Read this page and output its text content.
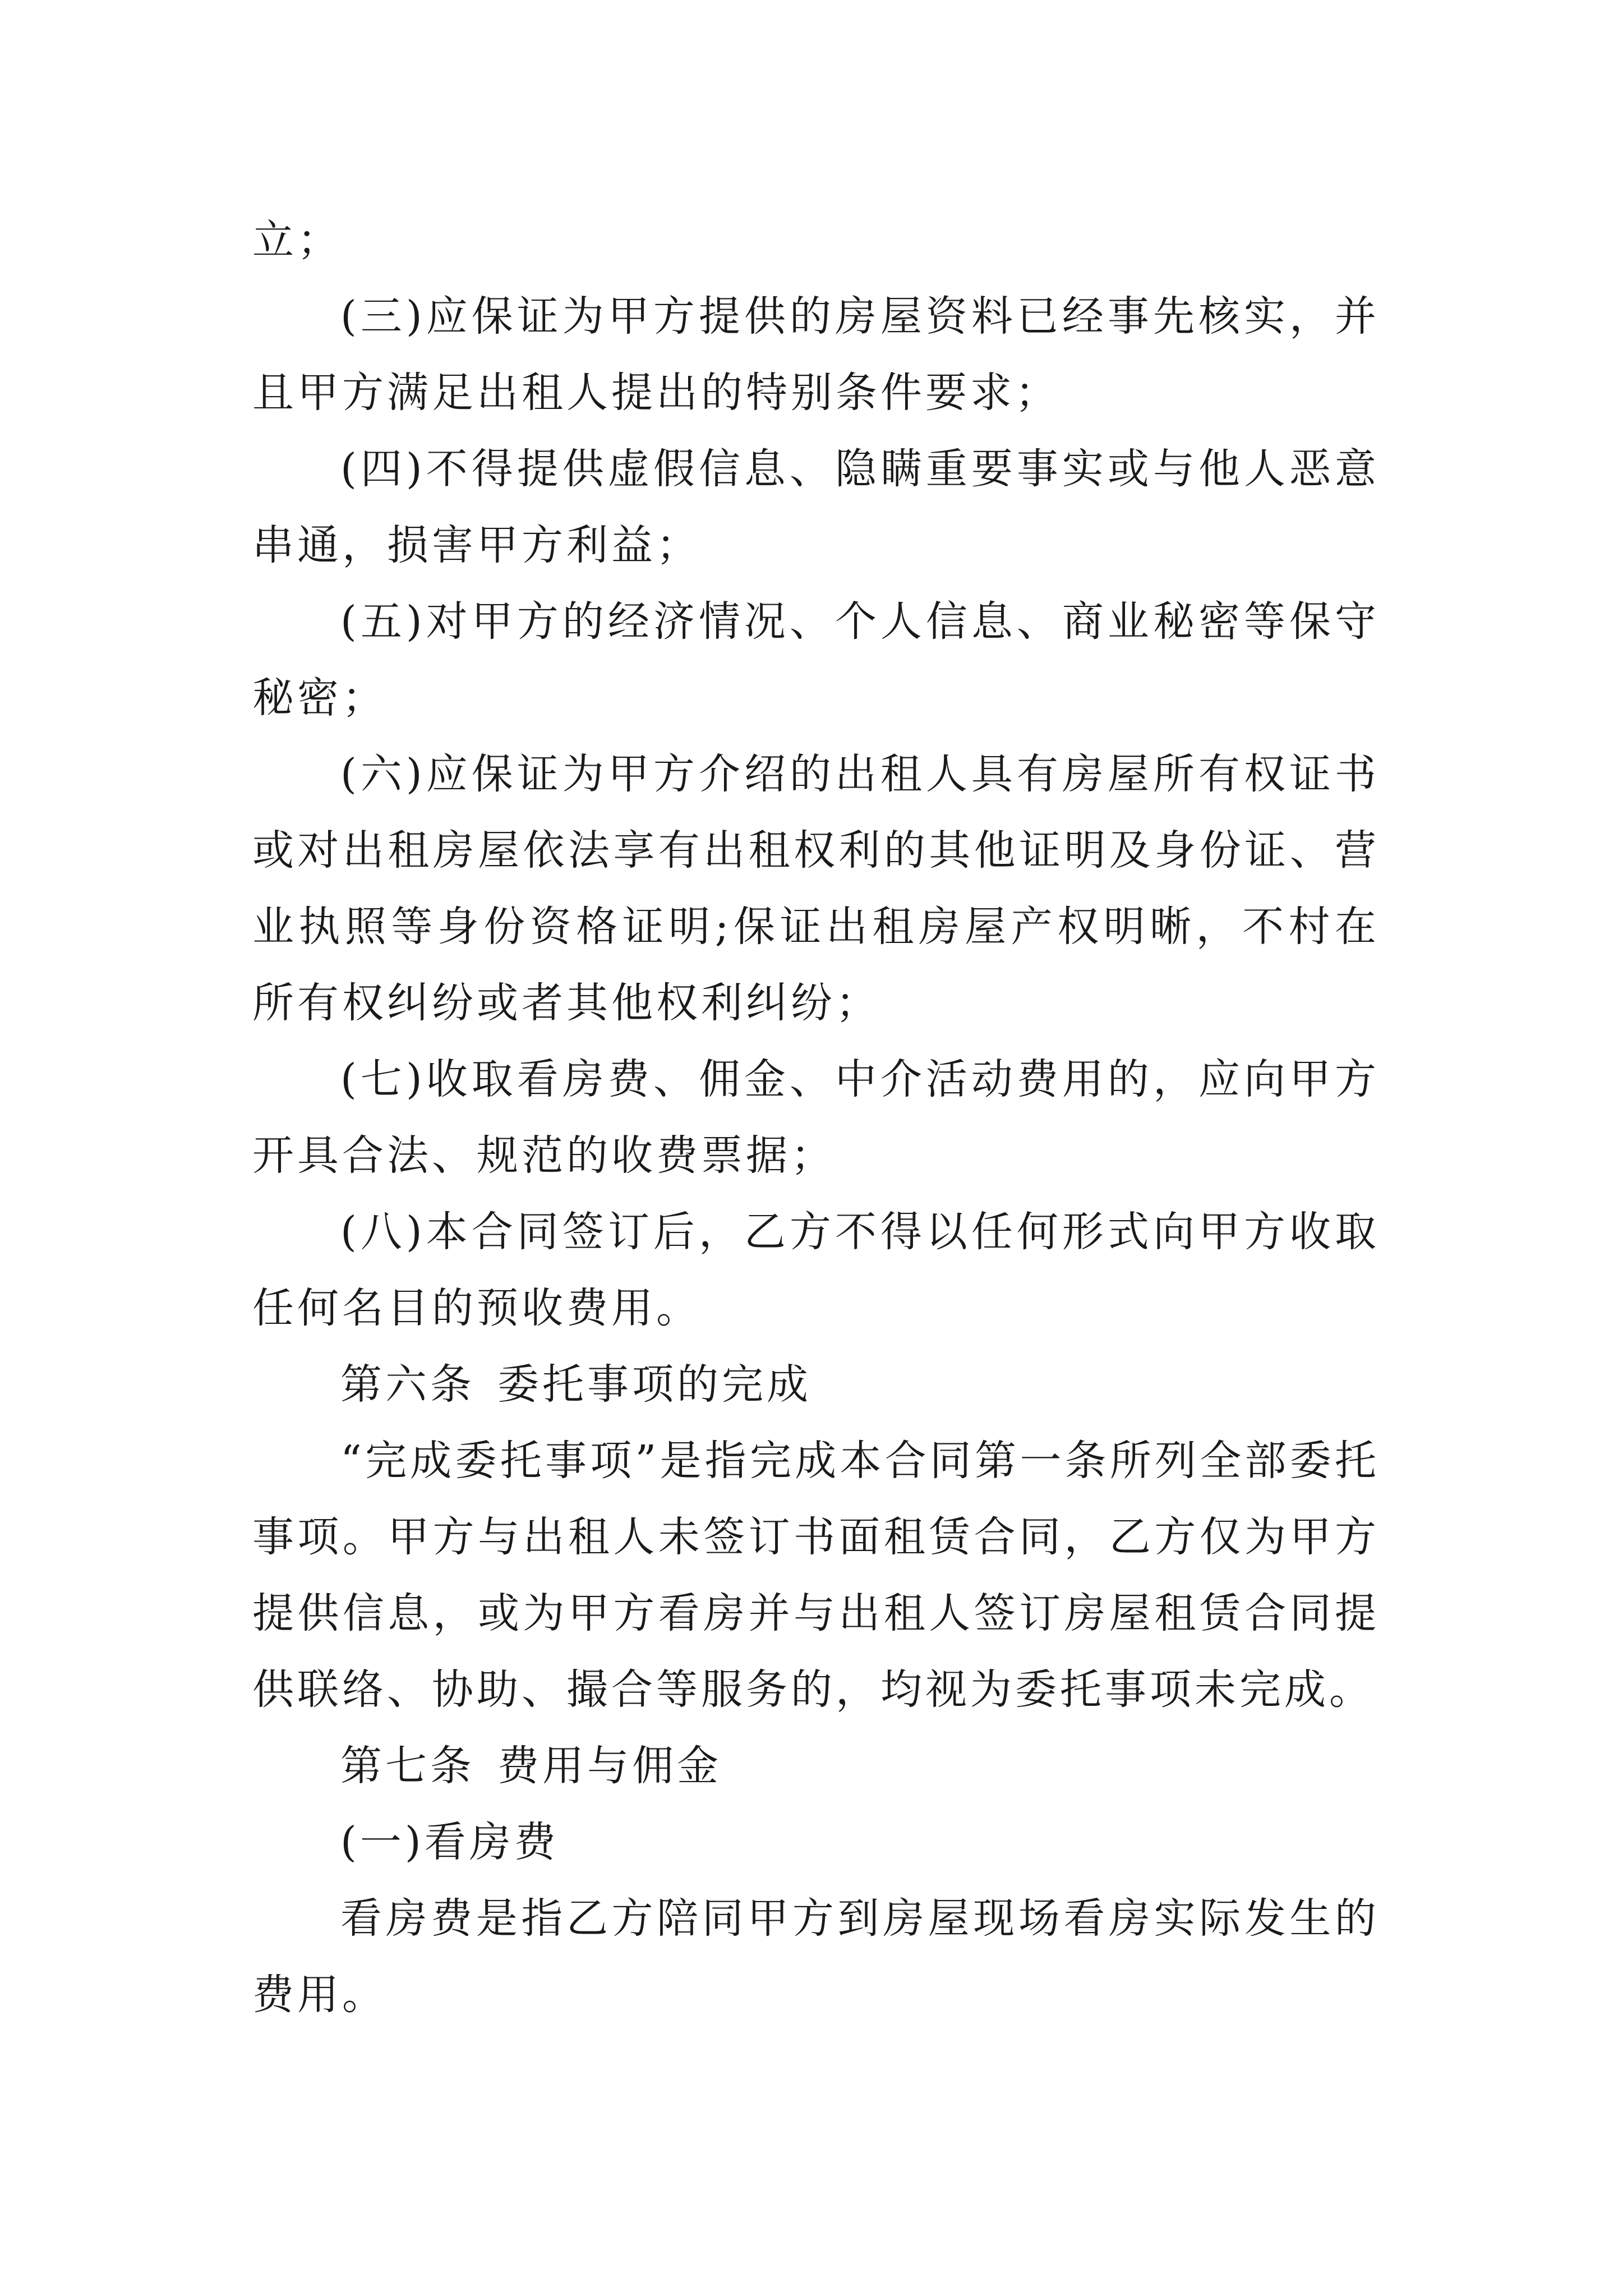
立；

(三)应保证为甲方提供的房屋资料已经事先核实，并且甲方满足出租人提出的特别条件要求；

(四)不得提供虚假信息、隐瞒重要事实或与他人恶意串通，损害甲方利益；

(五)对甲方的经济情况、个人信息、商业秘密等保守秘密；

(六)应保证为甲方介绍的出租人具有房屋所有权证书或对出租房屋依法享有出租权利的其他证明及身份证、营业执照等身份资格证明;保证出租房屋产权明晰，不村在所有权纠纷或者其他权利纠纷；

(七)收取看房费、佣金、中介活动费用的，应向甲方开具合法、规范的收费票据；

(八)本合同签订后，乙方不得以任何形式向甲方收取任何名目的预收费用。

第六条 委托事项的完成

“完成委托事项”是指完成本合同第一条所列全部委托事项。甲方与出租人未签订书面租赁合同，乙方仅为甲方提供信息，或为甲方看房并与出租人签订房屋租赁合同提供联络、协助、撮合等服务的，均视为委托事项未完成。

第七条 费用与佣金

(一)看房费

看房费是指乙方陪同甲方到房屋现场看房实际发生的费用。
